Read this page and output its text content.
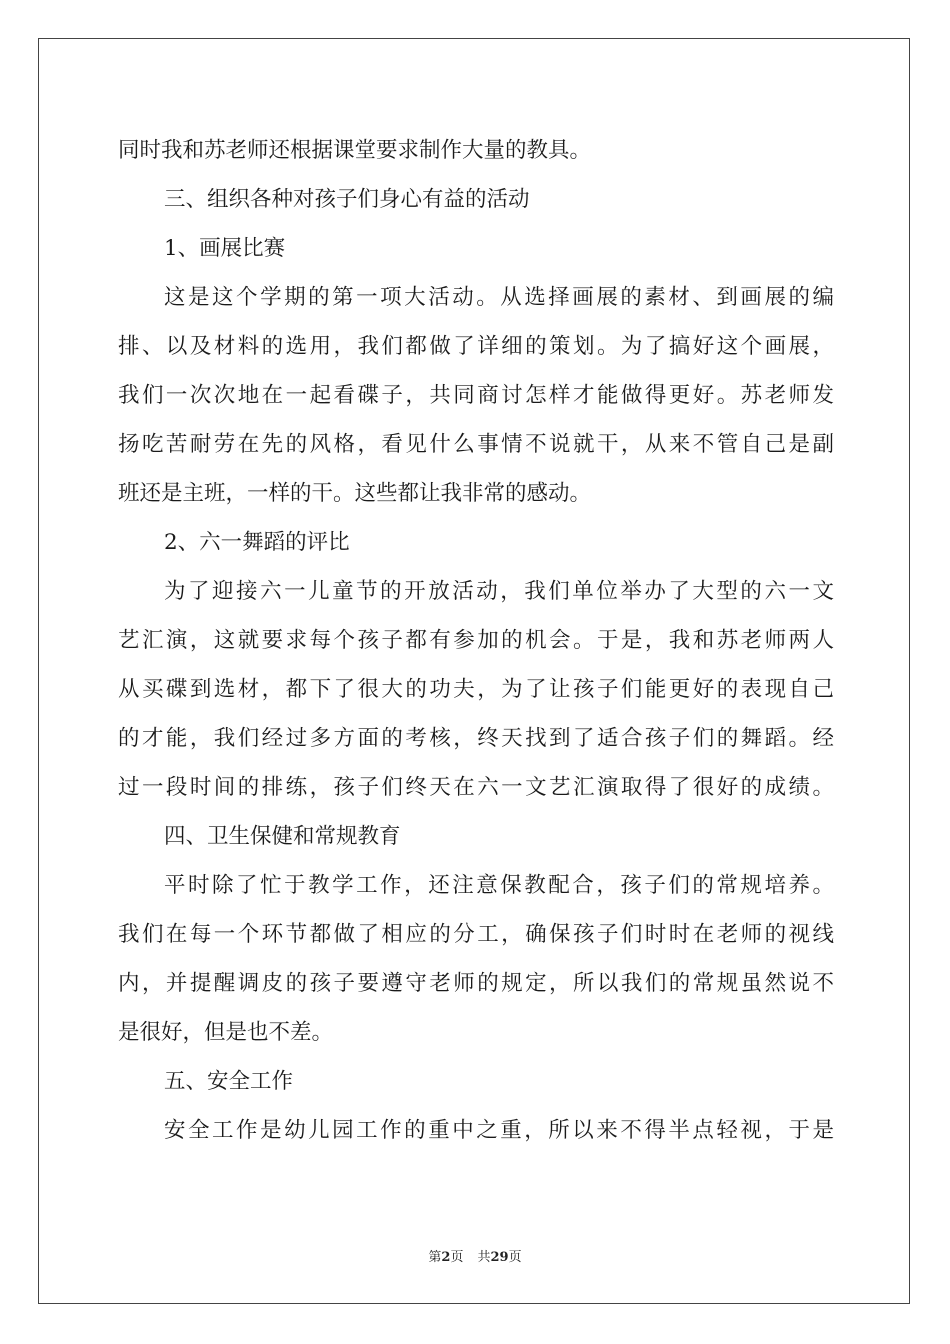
同时我和苏老师还根据课堂要求制作大量的教具。
三、组织各种对孩子们身心有益的活动
1、画展比赛
这是这个学期的第一项大活动。从选择画展的素材、到画展的编
排、以及材料的选用，我们都做了详细的策划。为了搞好这个画展，
我们一次次地在一起看碟子，共同商讨怎样才能做得更好。苏老师发
扬吃苦耐劳在先的风格，看见什么事情不说就干，从来不管自己是副
班还是主班，一样的干。这些都让我非常的感动。
2、六一舞蹈的评比
为了迎接六一儿童节的开放活动，我们单位举办了大型的六一文
艺汇演，这就要求每个孩子都有参加的机会。于是，我和苏老师两人
从买碟到选材，都下了很大的功夫，为了让孩子们能更好的表现自己
的才能，我们经过多方面的考核，终天找到了适合孩子们的舞蹈。经
过一段时间的排练，孩子们终天在六一文艺汇演取得了很好的成绩。
四、卫生保健和常规教育
平时除了忙于教学工作，还注意保教配合，孩子们的常规培养。
我们在每一个环节都做了相应的分工，确保孩子们时时在老师的视线
内，并提醒调皮的孩子要遵守老师的规定，所以我们的常规虽然说不
是很好，但是也不差。
五、安全工作
安全工作是幼儿园工作的重中之重，所以来不得半点轻视，于是
第2页 共29页
